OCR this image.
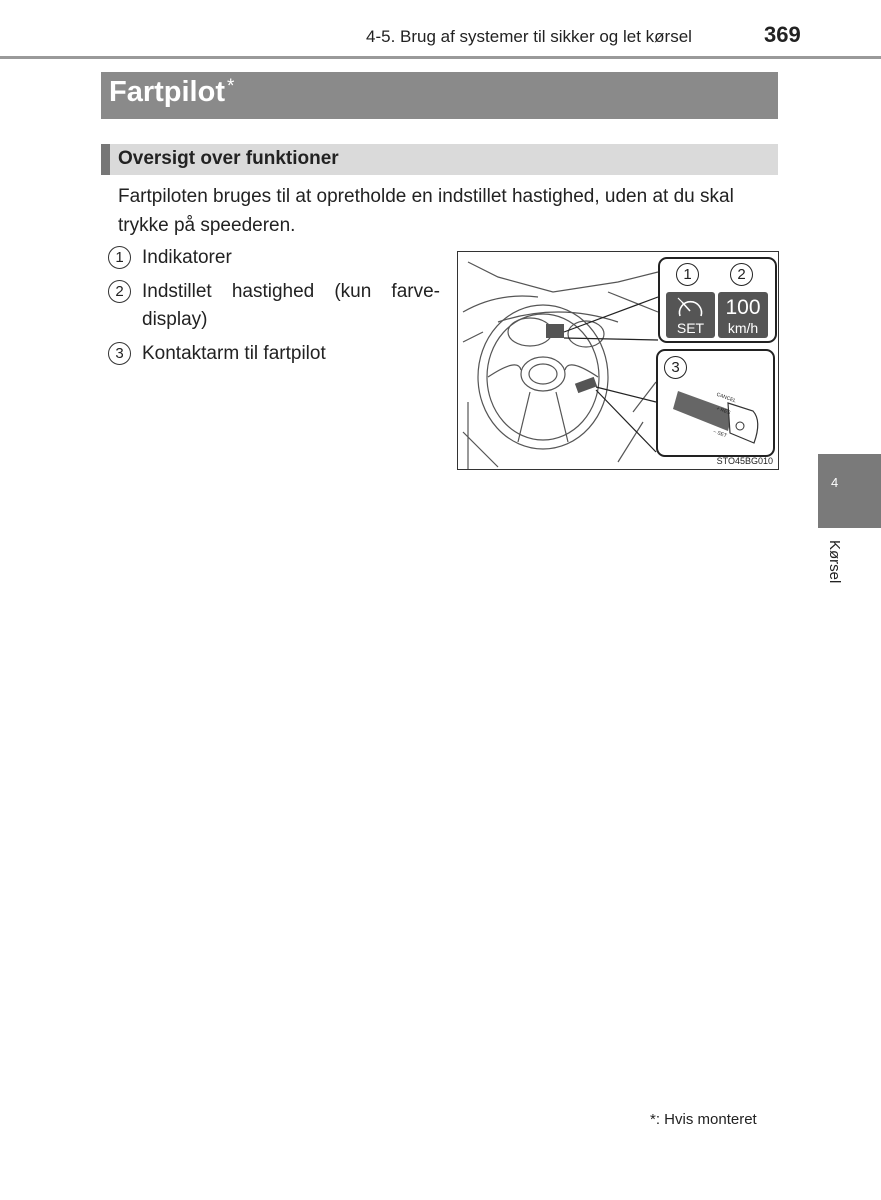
4-5. Brug af systemer til sikker og let kørsel	369
Fartpilot *
Oversigt over funktioner

Fartpiloten bruges til at opretholde en indstillet hastighed, uden at du skal trykke på speederen.

1 Indikatorer
2 Indstillet hastighed (kun farve-
display)
3 Kontaktarm til fartpilot
1	2
SET
100
km/h
3
CANCEL
+ RES
– SET
STO45BG010
4
Kørsel
*: Hvis monteret
